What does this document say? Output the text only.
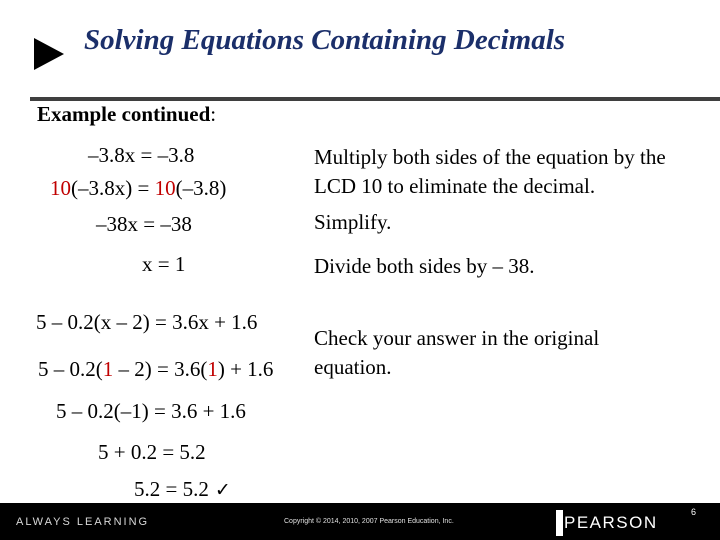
Solving Equations Containing Decimals
Example continued:
–3.8x = –3.8
10(–3.8x) = 10(–3.8)
–38x = –38
x = 1
Multiply both sides of the equation by the LCD 10 to eliminate the decimal.
Simplify.
Divide both sides by – 38.
Check your answer in the original equation.
5 – 0.2(x – 2) = 3.6x + 1.6
5 – 0.2(1 – 2) = 3.6(1) + 1.6
5 – 0.2(–1) = 3.6 + 1.6
5 + 0.2 = 5.2
5.2 = 5.2 ✓
ALWAYS LEARNING	Copyright © 2014, 2010, 2007 Pearson Education, Inc.	PEARSON
6
